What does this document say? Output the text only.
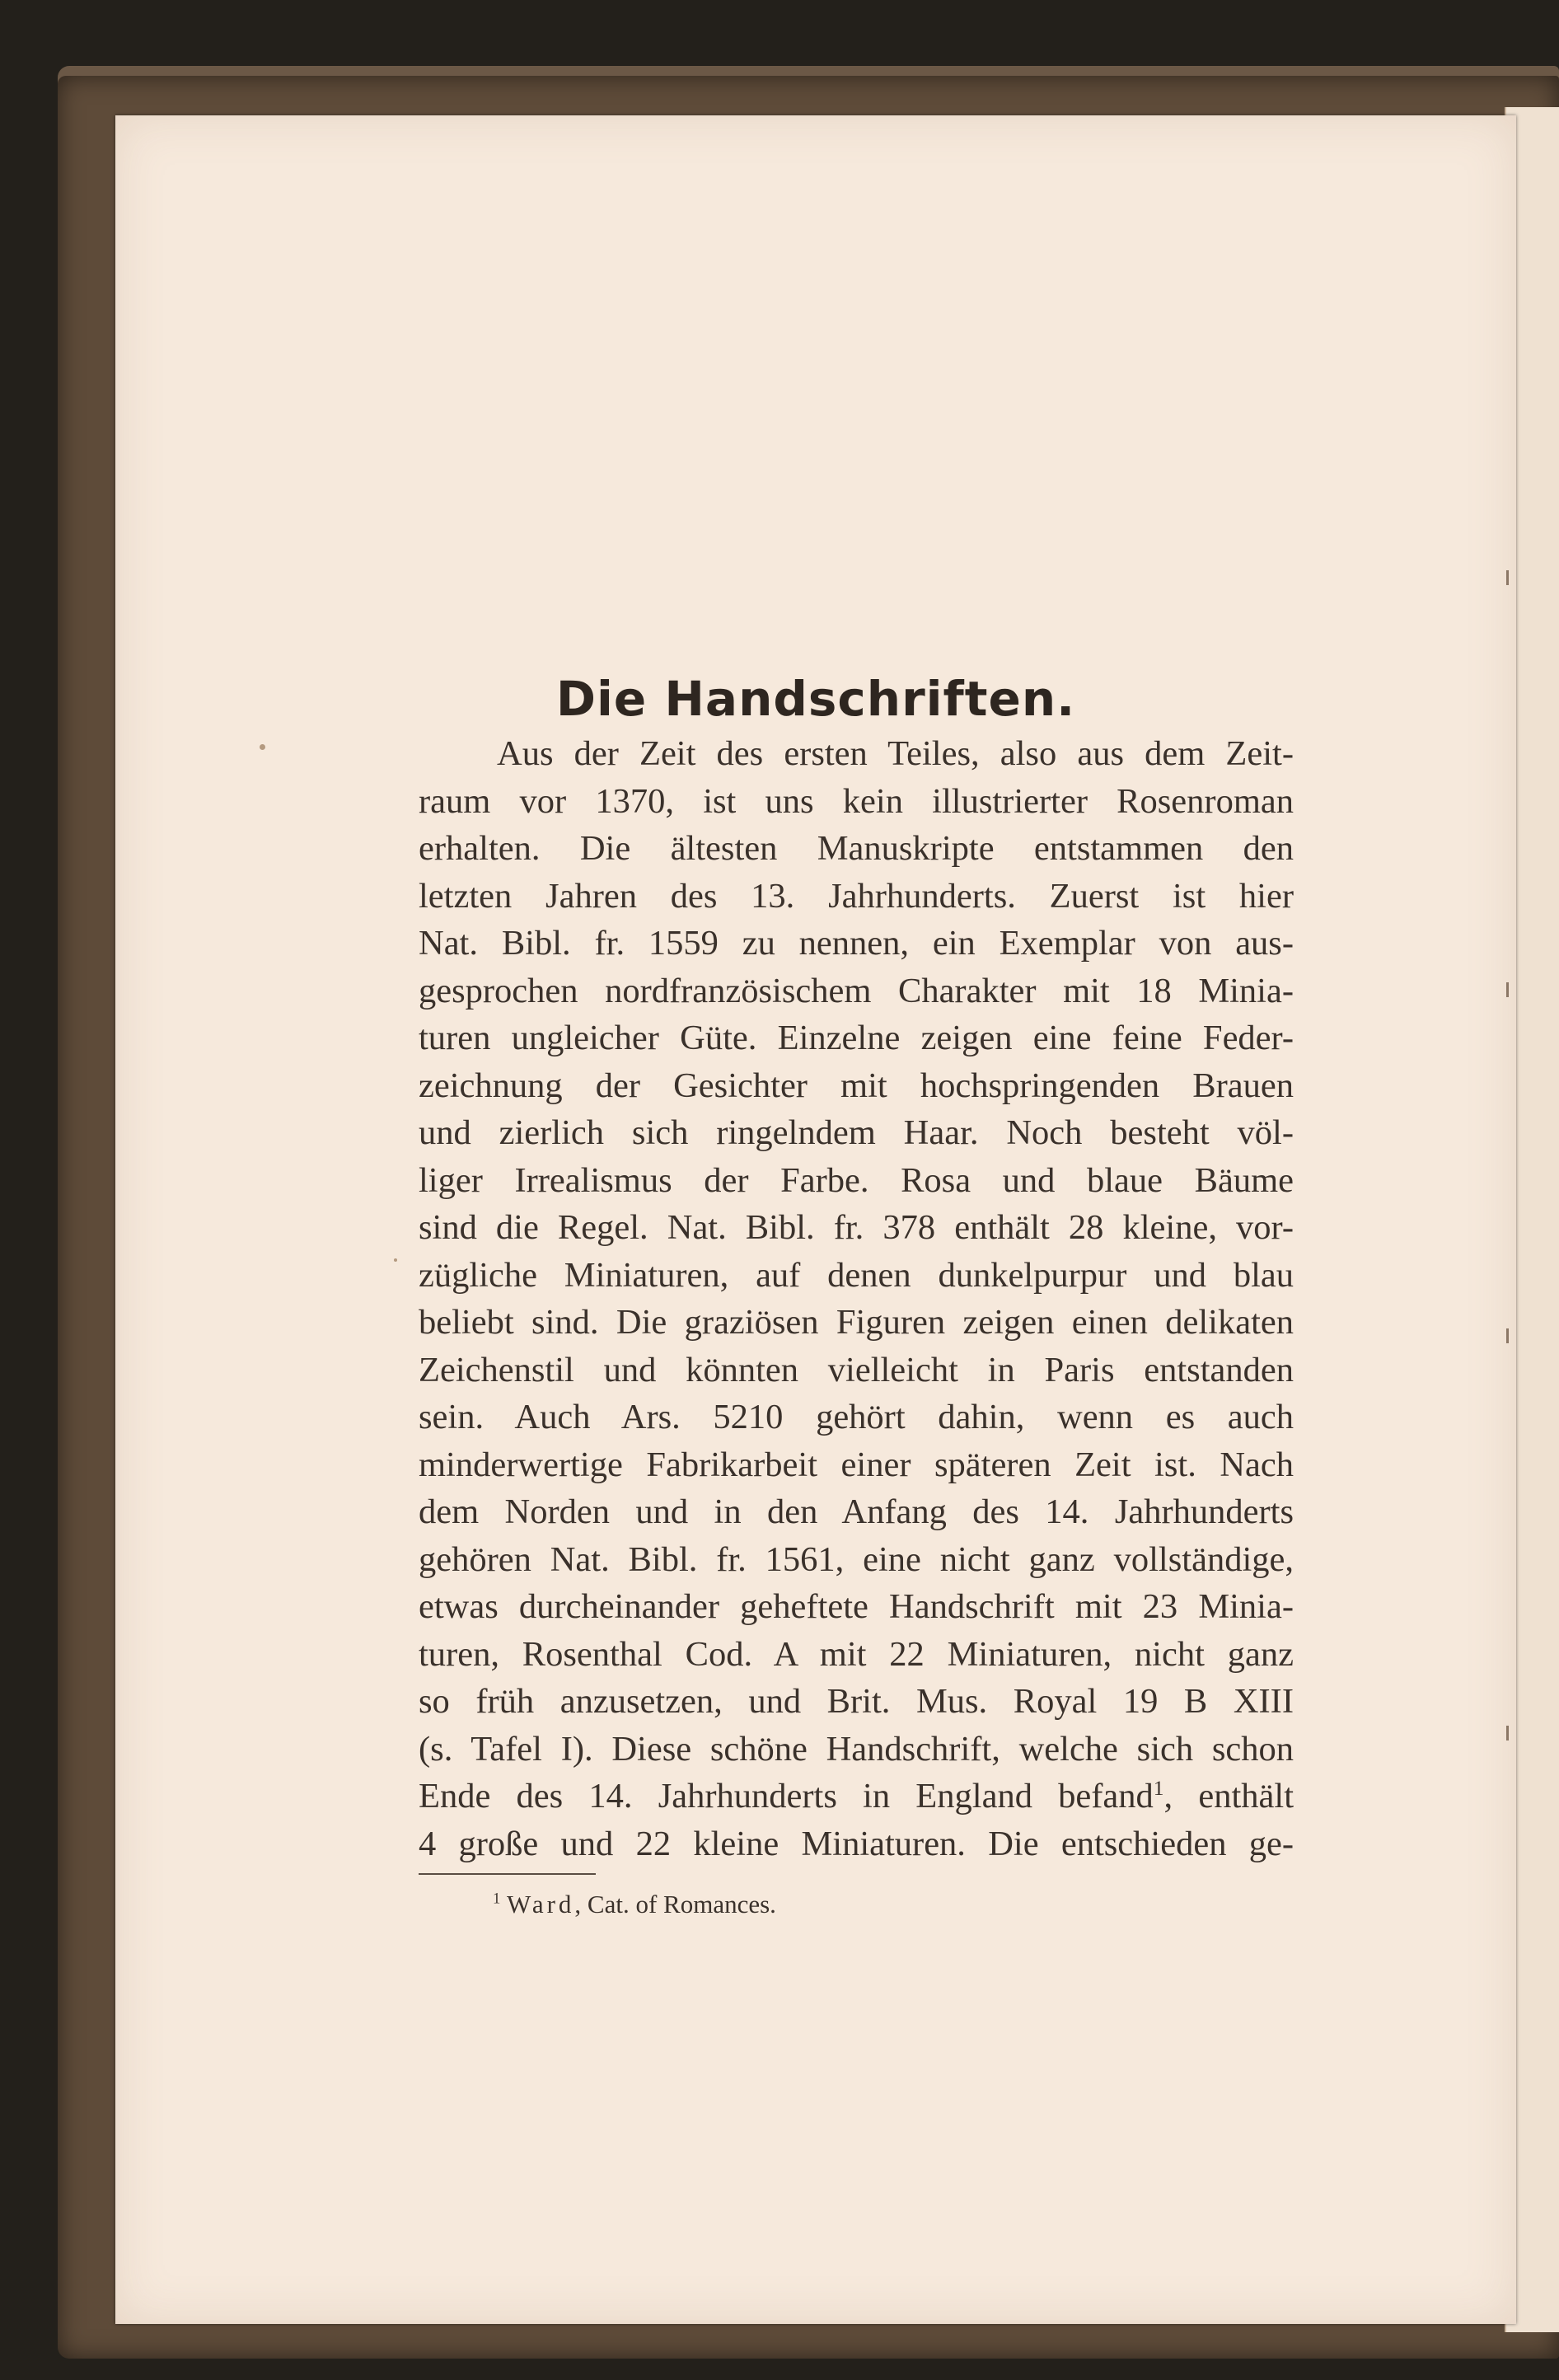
Die Handschriften.
Aus der Zeit des ersten Teiles, also aus dem Zeit-
raum vor 1370, ist uns kein illustrierter Rosenroman
erhalten. Die ältesten Manuskripte entstammen den
letzten Jahren des 13. Jahrhunderts. Zuerst ist hier
Nat. Bibl. fr. 1559 zu nennen, ein Exemplar von aus-
gesprochen nordfranzösischem Charakter mit 18 Minia-
turen ungleicher Güte. Einzelne zeigen eine feine Feder-
zeichnung der Gesichter mit hochspringenden Brauen
und zierlich sich ringelndem Haar. Noch besteht völ-
liger Irrealismus der Farbe. Rosa und blaue Bäume
sind die Regel. Nat. Bibl. fr. 378 enthält 28 kleine, vor-
zügliche Miniaturen, auf denen dunkelpurpur und blau
beliebt sind. Die graziösen Figuren zeigen einen delikaten
Zeichenstil und könnten vielleicht in Paris entstanden
sein. Auch Ars. 5210 gehört dahin, wenn es auch
minderwertige Fabrikarbeit einer späteren Zeit ist. Nach
dem Norden und in den Anfang des 14. Jahrhunderts
gehören Nat. Bibl. fr. 1561, eine nicht ganz vollständige,
etwas durcheinander geheftete Handschrift mit 23 Minia-
turen, Rosenthal Cod. A mit 22 Miniaturen, nicht ganz
so früh anzusetzen, und Brit. Mus. Royal 19 B XIII
(s. Tafel I). Diese schöne Handschrift, welche sich schon
Ende des 14. Jahrhunderts in England befand$^1$, enthält
4 große und 22 kleine Miniaturen. Die entschieden ge-
$^1$ Ward, Cat. of Romances.
